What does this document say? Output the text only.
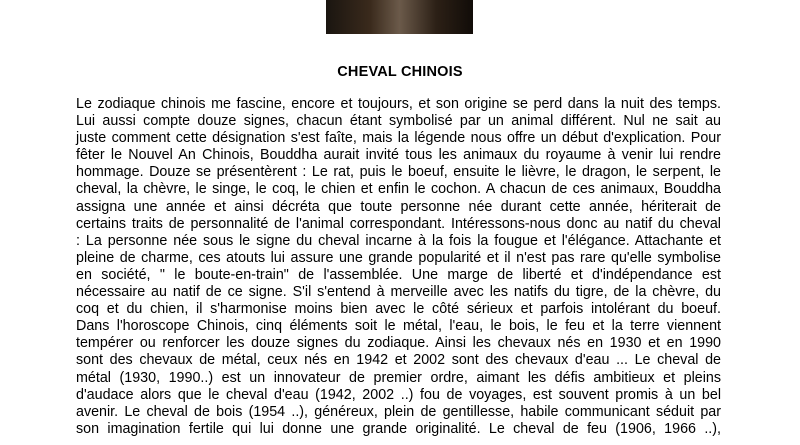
CHEVAL CHINOIS
Le zodiaque chinois me fascine, encore et toujours, et son origine se perd dans la nuit des temps.
Lui aussi compte douze signes, chacun étant symbolisé par un animal différent. Nul ne sait au
juste comment cette désignation s'est faîte, mais la légende nous offre un début d'explication. Pour
fêter le Nouvel An Chinois, Bouddha aurait invité tous les animaux du royaume à venir lui rendre
hommage. Douze se présentèrent : Le rat, puis le boeuf, ensuite le lièvre, le dragon, le serpent, le
cheval, la chèvre, le singe, le coq, le chien et enfin le cochon. A chacun de ces animaux, Bouddha
assigna une année et ainsi décréta que toute personne née durant cette année, hériterait de
certains traits de personnalité de l'animal correspondant. Intéressons-nous donc au natif du cheval
: La personne née sous le signe du cheval incarne à la fois la fougue et l'élégance. Attachante et
pleine de charme, ces atouts lui assure une grande popularité et il n'est pas rare qu'elle symbolise
en société, " le boute-en-train" de l'assemblée. Une marge de liberté et d'indépendance est
nécessaire au natif de ce signe. S'il s'entend à merveille avec les natifs du tigre, de la chèvre, du
coq et du chien, il s'harmonise moins bien avec le côté sérieux et parfois intolérant du boeuf.
Dans l'horoscope Chinois, cinq éléments soit le métal, l'eau, le bois, le feu et la terre viennent
tempérer ou renforcer les douze signes du zodiaque. Ainsi les chevaux nés en 1930 et en 1990
sont des chevaux de métal, ceux nés en 1942 et 2002 sont des chevaux d'eau ... Le cheval de
métal (1930, 1990..) est un innovateur de premier ordre, aimant les défis ambitieux et pleins
d'audace alors que le cheval d'eau (1942, 2002 ..) fou de voyages, est souvent promis à un bel
avenir. Le cheval de bois (1954 ..), généreux, plein de gentillesse, habile communicant séduit par
son imagination fertile qui lui donne une grande originalité. Le cheval de feu (1906, 1966 ..),
